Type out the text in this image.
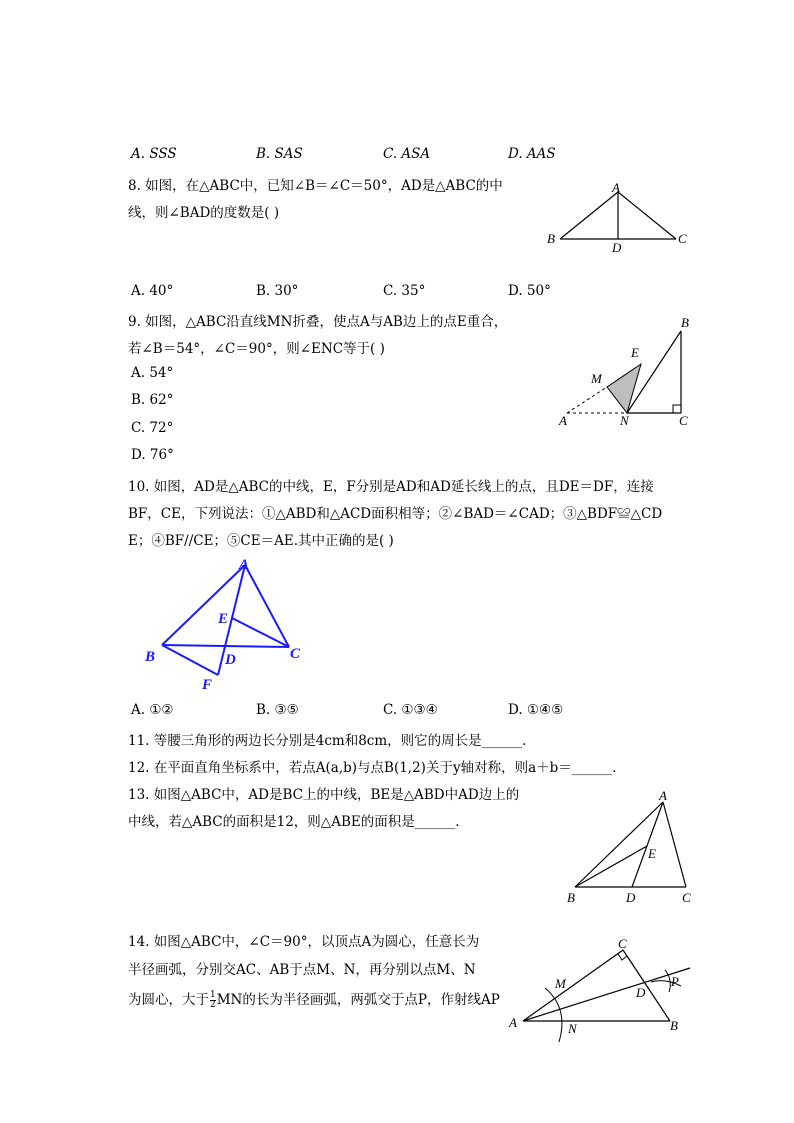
A. SSS	B. SAS	C. ASA	D. AAS
8. 如图，在△ABC中，已知∠B＝∠C＝50°，AD是△ABC的中
线，则∠BAD的度数是( )
A
B	C
D
A. 40°	B. 30°	C. 35°	D. 50°
9. 如图，△ABC沿直线MN折叠，使点A与AB边上的点E重合，
若∠B＝54°，∠C＝90°，则∠ENC等于( )
A. 54°
B. 62°
C. 72°
D. 76°
B
E
M
A	N	C
10. 如图，AD是△ABC的中线，E，F分别是AD和AD延长线上的点，且DE＝DF，连接
BF，CE，下列说法：①△ABD和△ACD面积相等；②∠BAD＝∠CAD；③△BDF≌△CD
E；④BF//CE；⑤CE＝AE.其中正确的是( )
A
E
B	D	C
F
A. ①②	B. ③⑤	C. ①③④	D. ①④⑤
11. 等腰三角形的两边长分别是4cm和8cm，则它的周长是______.
12. 在平面直角坐标系中，若点A(a,b)与点B(1,2)关于y轴对称，则a＋b＝______.
13. 如图△ABC中，AD是BC上的中线，BE是△ABD中AD边上的
中线，若△ABC的面积是12，则△ABE的面积是______.
A
E
B	D	C
14. 如图△ABC中，∠C＝90°，以顶点A为圆心，任意长为
半径画弧，分别交AC、AB于点M、N，再分别以点M、N
为圆心，大于 $\frac{1}{2}$ MN的长为半径画弧，两弧交于点P，作射线AP
C
M
D
P
A	N	B
